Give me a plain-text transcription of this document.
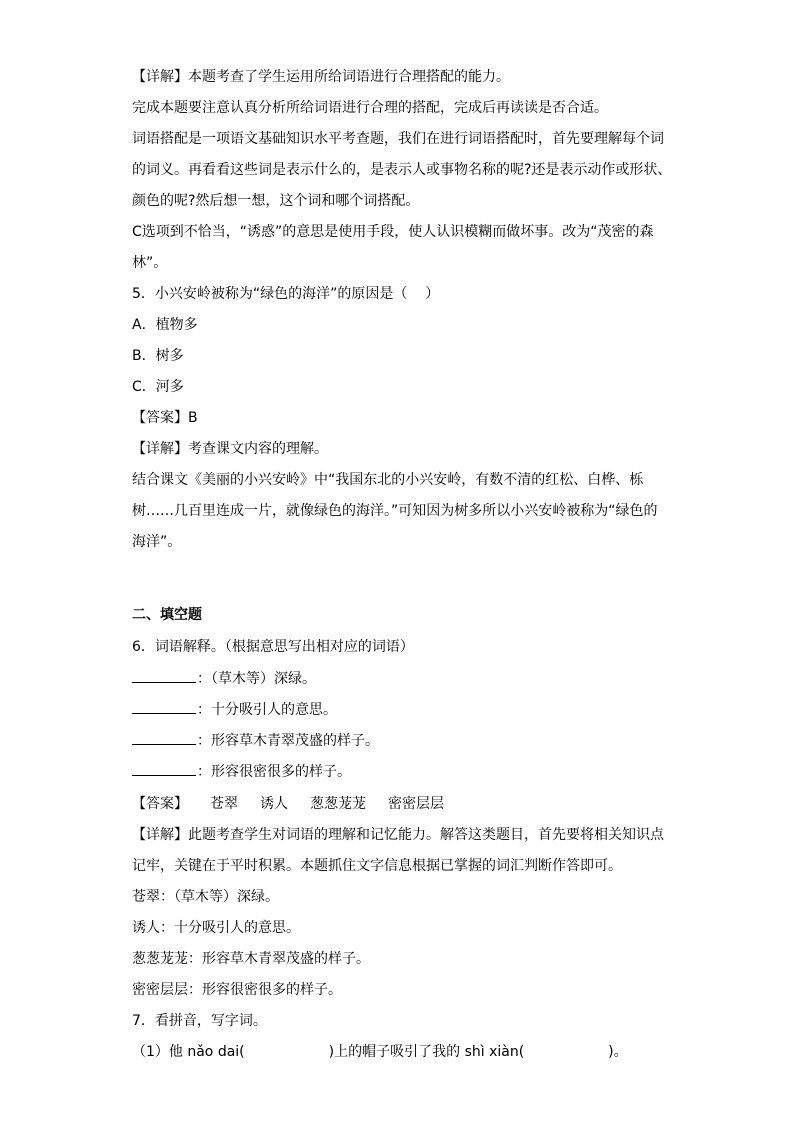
【详解】本题考查了学生运用所给词语进行合理搭配的能力。
完成本题要注意认真分析所给词语进行合理的搭配，完成后再读读是否合适。
词语搭配是一项语文基础知识水平考查题，我们在进行词语搭配时，首先要理解每个词
的词义。再看看这些词是表示什么的，是表示人或事物名称的呢?还是表示动作或形状、
颜色的呢?然后想一想，这个词和哪个词搭配。
C选项到不恰当，“诱惑”的意思是使用手段，使人认识模糊而做坏事。改为“茂密的森
林”。
5．小兴安岭被称为“绿色的海洋”的原因是（    ）
A．植物多
B．树多
C．河多
【答案】B
【详解】考查课文内容的理解。
结合课文《美丽的小兴安岭》中“我国东北的小兴安岭，有数不清的红松、白桦、栎
树……几百里连成一片，就像绿色的海洋。”可知因为树多所以小兴安岭被称为“绿色的
海洋”。
二、填空题
6．词语解释。（根据意思写出相对应的词语）
：（草木等）深绿。
：十分吸引人的意思。
：形容草木青翠茂盛的样子。
：形容很密很多的样子。
【答案】 苍翠 诱人 葱葱茏茏 密密层层
【详解】此题考查学生对词语的理解和记忆能力。解答这类题目，首先要将相关知识点
记牢，关键在于平时积累。本题抓住文字信息根据已掌握的词汇判断作答即可。
苍翠：（草木等）深绿。
诱人：十分吸引人的意思。
葱葱茏茏：形容草木青翠茂盛的样子。
密密层层：形容很密很多的样子。
7．看拼音，写字词。
（1）他 nǎo dai(	)上的帽子吸引了我的 shì xiàn(	)。
